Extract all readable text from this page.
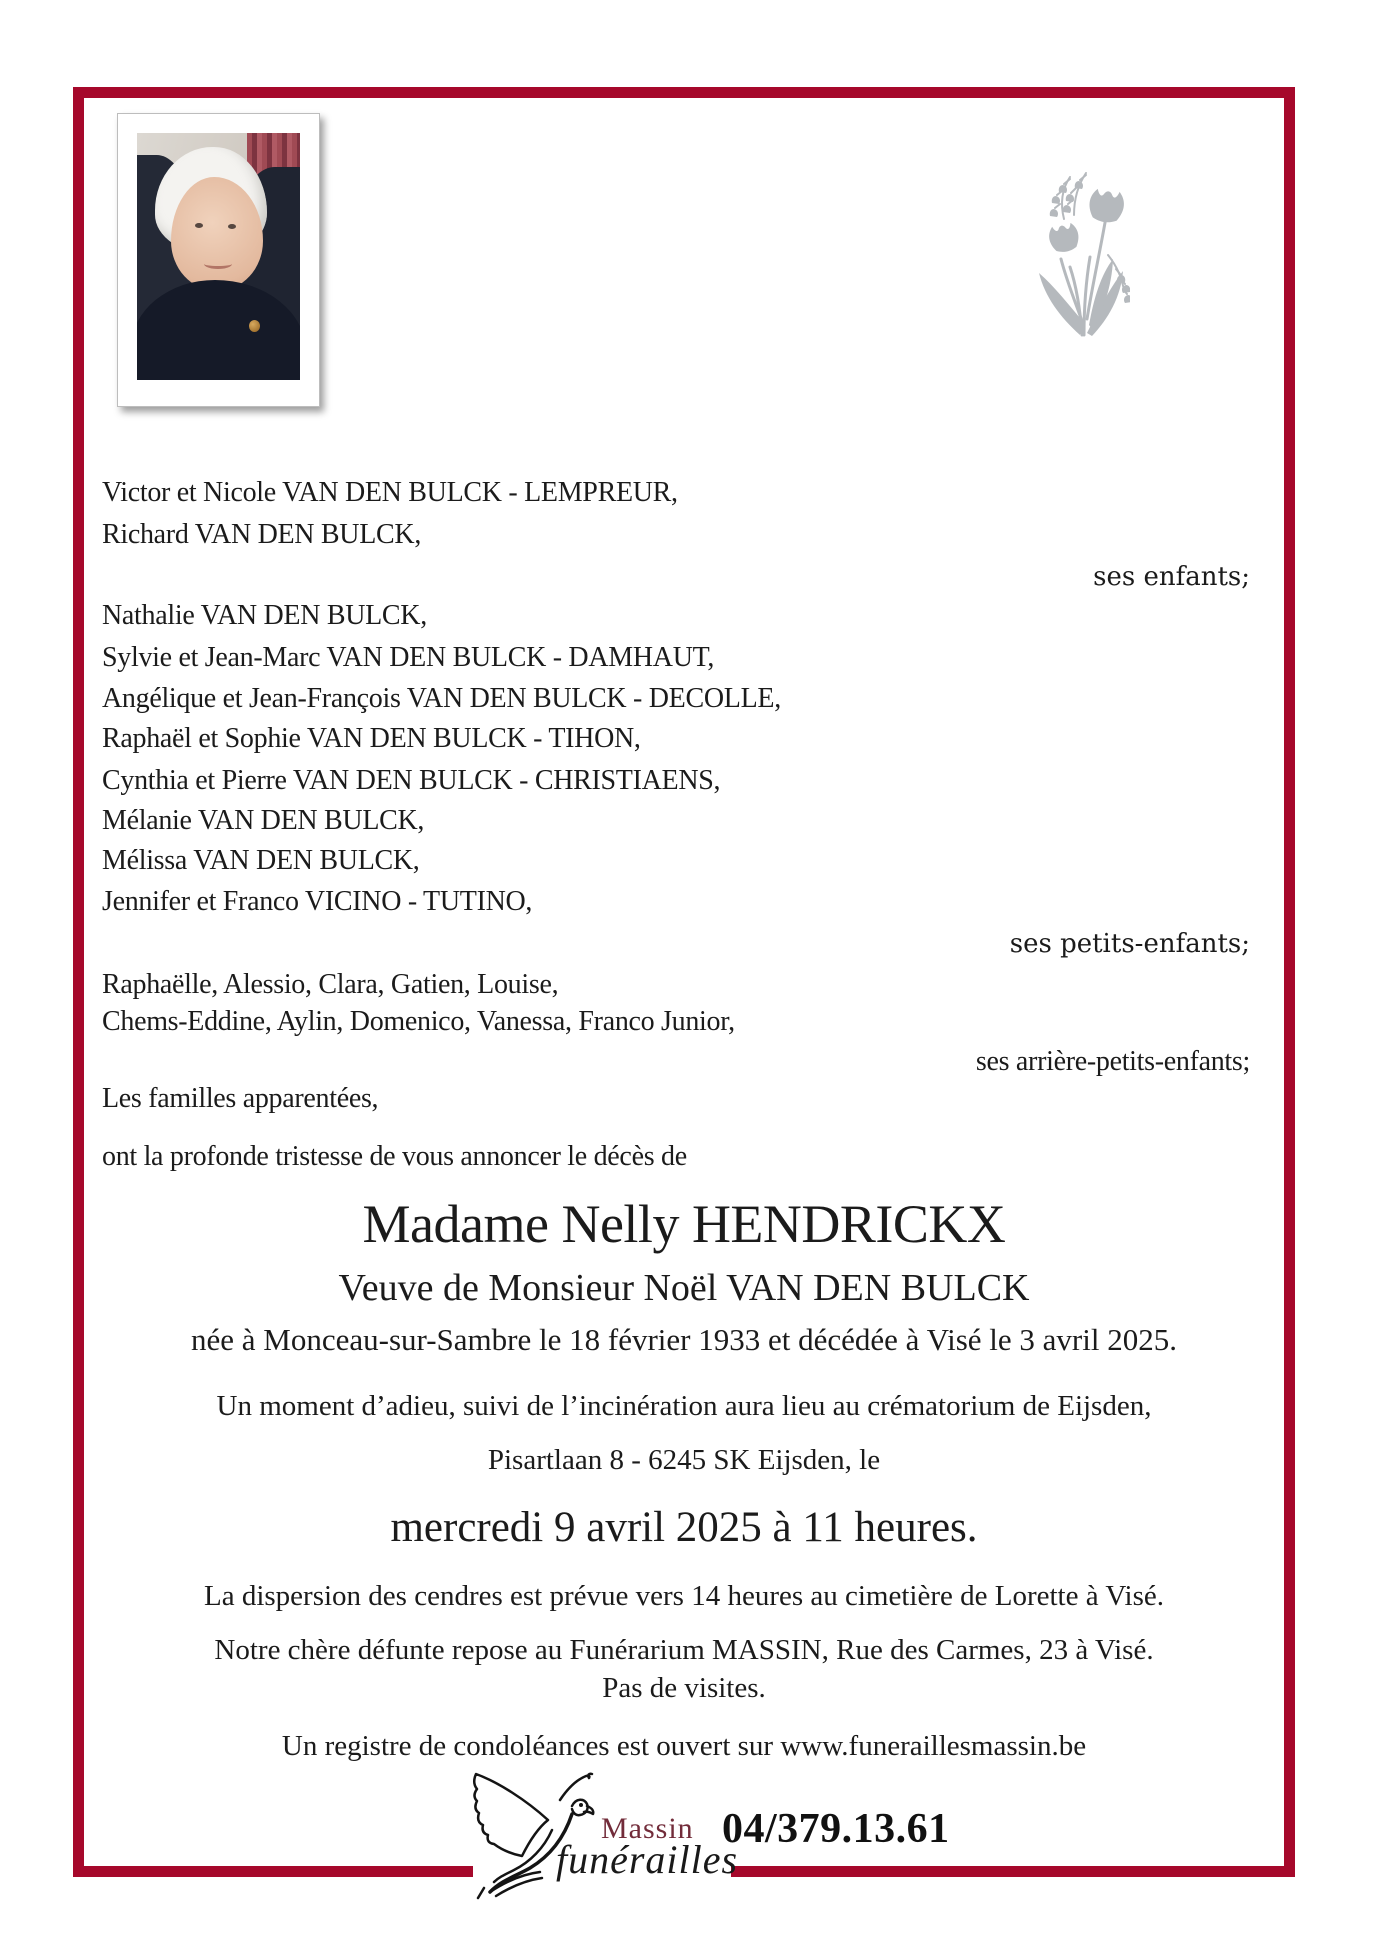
Victor et Nicole VAN DEN BULCK - LEMPREUR,
Richard VAN DEN BULCK,
ses enfants;
Nathalie VAN DEN BULCK,
Sylvie et Jean-Marc VAN DEN BULCK - DAMHAUT,
Angélique et Jean-François VAN DEN BULCK - DECOLLE,
Raphaël et Sophie VAN DEN BULCK - TIHON,
Cynthia et Pierre VAN DEN BULCK - CHRISTIAENS,
Mélanie VAN DEN BULCK,
Mélissa VAN DEN BULCK,
Jennifer et Franco VICINO - TUTINO,
ses petits-enfants;
Raphaëlle, Alessio, Clara, Gatien, Louise,
Chems-Eddine, Aylin, Domenico, Vanessa, Franco Junior,
ses arrière-petits-enfants;
Les familles apparentées,
ont la profonde tristesse de vous annoncer le décès de
Madame Nelly HENDRICKX
Veuve de Monsieur Noël VAN DEN BULCK
née à Monceau-sur-Sambre le 18 février 1933 et décédée à Visé le 3 avril 2025.
Un moment d’adieu, suivi de l’incinération aura lieu au crématorium de Eijsden,
Pisartlaan 8 - 6245 SK Eijsden, le
mercredi 9 avril 2025 à 11 heures.
La dispersion des cendres est prévue vers 14 heures au cimetière de Lorette à Visé.
Notre chère défunte repose au Funérarium MASSIN, Rue des Carmes, 23 à Visé.
Pas de visites.
Un registre de condoléances est ouvert sur www.funeraillesmassin.be
Massin
funérailles
04/379.13.61
